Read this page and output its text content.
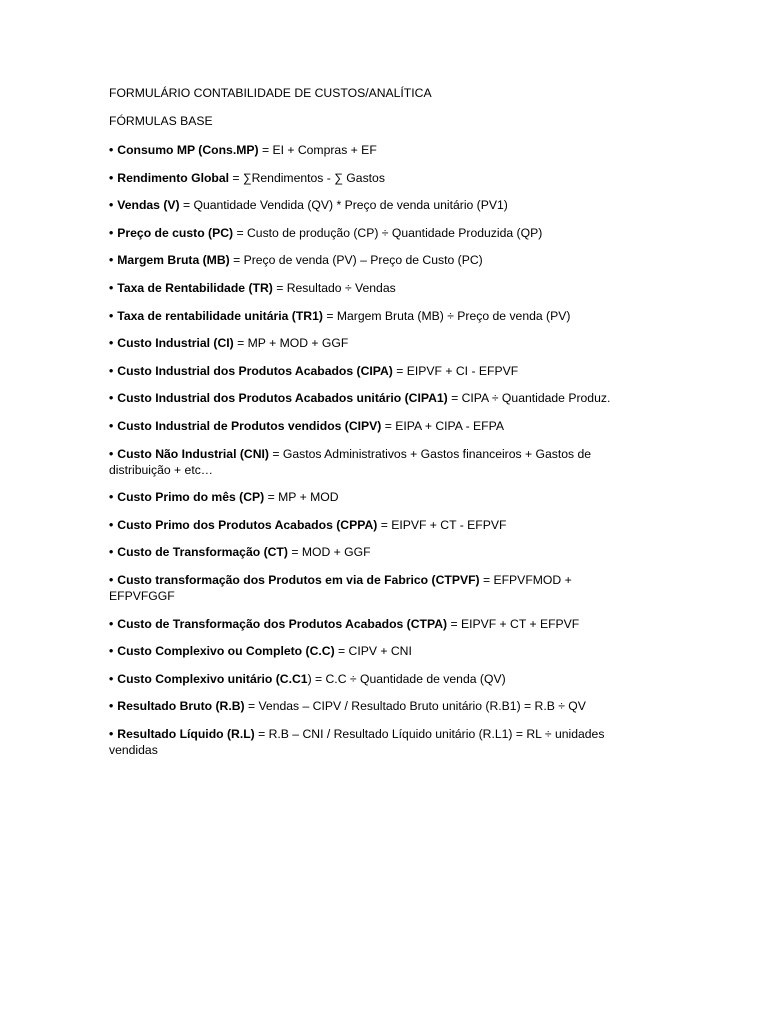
FORMULÁRIO CONTABILIDADE DE CUSTOS/ANALÍTICA

FÓRMULAS BASE

• Consumo MP (Cons.MP) = EI + Compras + EF

• Rendimento Global = ∑Rendimentos - ∑ Gastos

• Vendas (V) = Quantidade Vendida (QV) * Preço de venda unitário (PV1)

• Preço de custo (PC) = Custo de produção (CP) ÷ Quantidade Produzida (QP)

• Margem Bruta (MB) = Preço de venda (PV) – Preço de Custo (PC)

• Taxa de Rentabilidade (TR) = Resultado ÷ Vendas

• Taxa de rentabilidade unitária (TR1) = Margem Bruta (MB) ÷ Preço de venda (PV)

• Custo Industrial (CI) = MP + MOD + GGF

• Custo Industrial dos Produtos Acabados (CIPA) = EIPVF + CI - EFPVF

• Custo Industrial dos Produtos Acabados unitário (CIPA1) = CIPA ÷ Quantidade Produz.

• Custo Industrial de Produtos vendidos (CIPV) = EIPA + CIPA - EFPA

• Custo Não Industrial (CNI) = Gastos Administrativos + Gastos financeiros + Gastos de distribuição + etc…

• Custo Primo do mês (CP) = MP + MOD

• Custo Primo dos Produtos Acabados (CPPA) = EIPVF + CT - EFPVF

• Custo de Transformação (CT) = MOD + GGF

• Custo transformação dos Produtos em via de Fabrico (CTPVF) = EFPVFMOD + EFPVFGGF

• Custo de Transformação dos Produtos Acabados (CTPA) = EIPVF + CT + EFPVF

• Custo Complexivo ou Completo (C.C) = CIPV + CNI

• Custo Complexivo unitário (C.C1) = C.C ÷ Quantidade de venda (QV)

• Resultado Bruto (R.B) = Vendas – CIPV / Resultado Bruto unitário (R.B1) = R.B ÷ QV

• Resultado Líquido (R.L) = R.B – CNI / Resultado Líquido unitário (R.L1) = RL ÷ unidades vendidas
